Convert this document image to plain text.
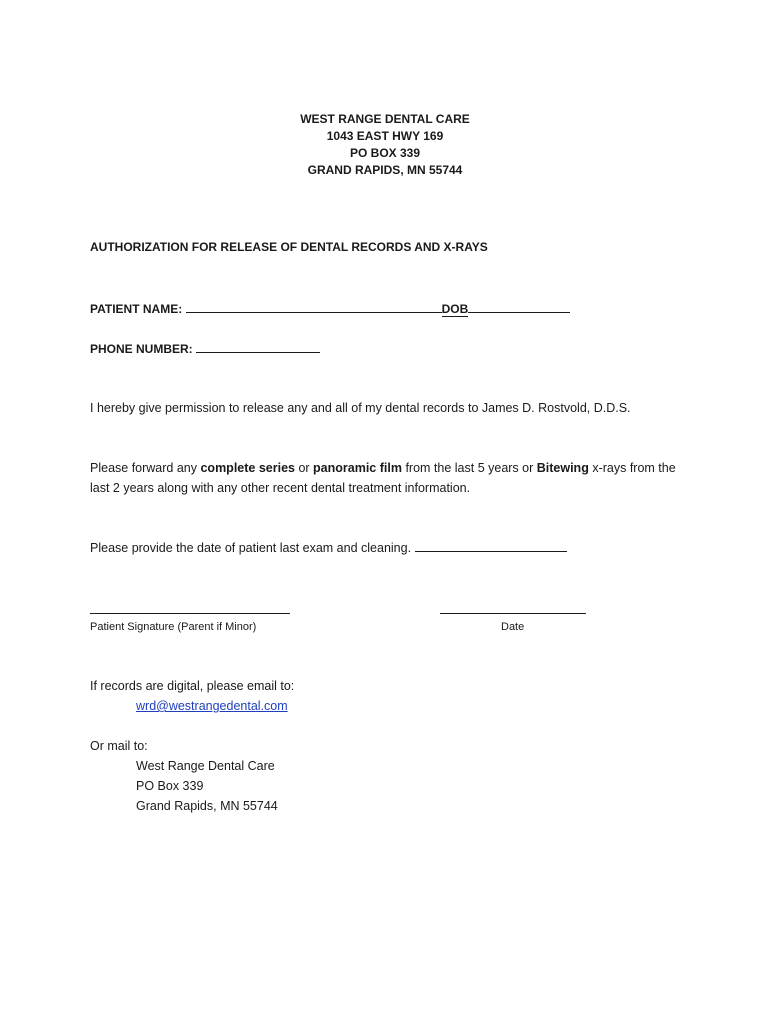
WEST RANGE DENTAL CARE
1043 EAST HWY 169
PO BOX 339
GRAND RAPIDS, MN 55744
AUTHORIZATION FOR RELEASE OF DENTAL RECORDS AND X-RAYS
PATIENT NAME:	DOB
PHONE NUMBER:
I hereby give permission to release any and all of my dental records to James D. Rostvold, D.D.S.
Please forward any complete series or panoramic film from the last 5 years or Bitewing x-rays from the
last 2 years along with any other recent dental treatment information.
Please provide the date of patient last exam and cleaning.
Patient Signature (Parent if Minor)	Date
If records are digital, please email to:
wrd@westrangedental.com
Or mail to:
West Range Dental Care
PO Box 339
Grand Rapids, MN 55744
